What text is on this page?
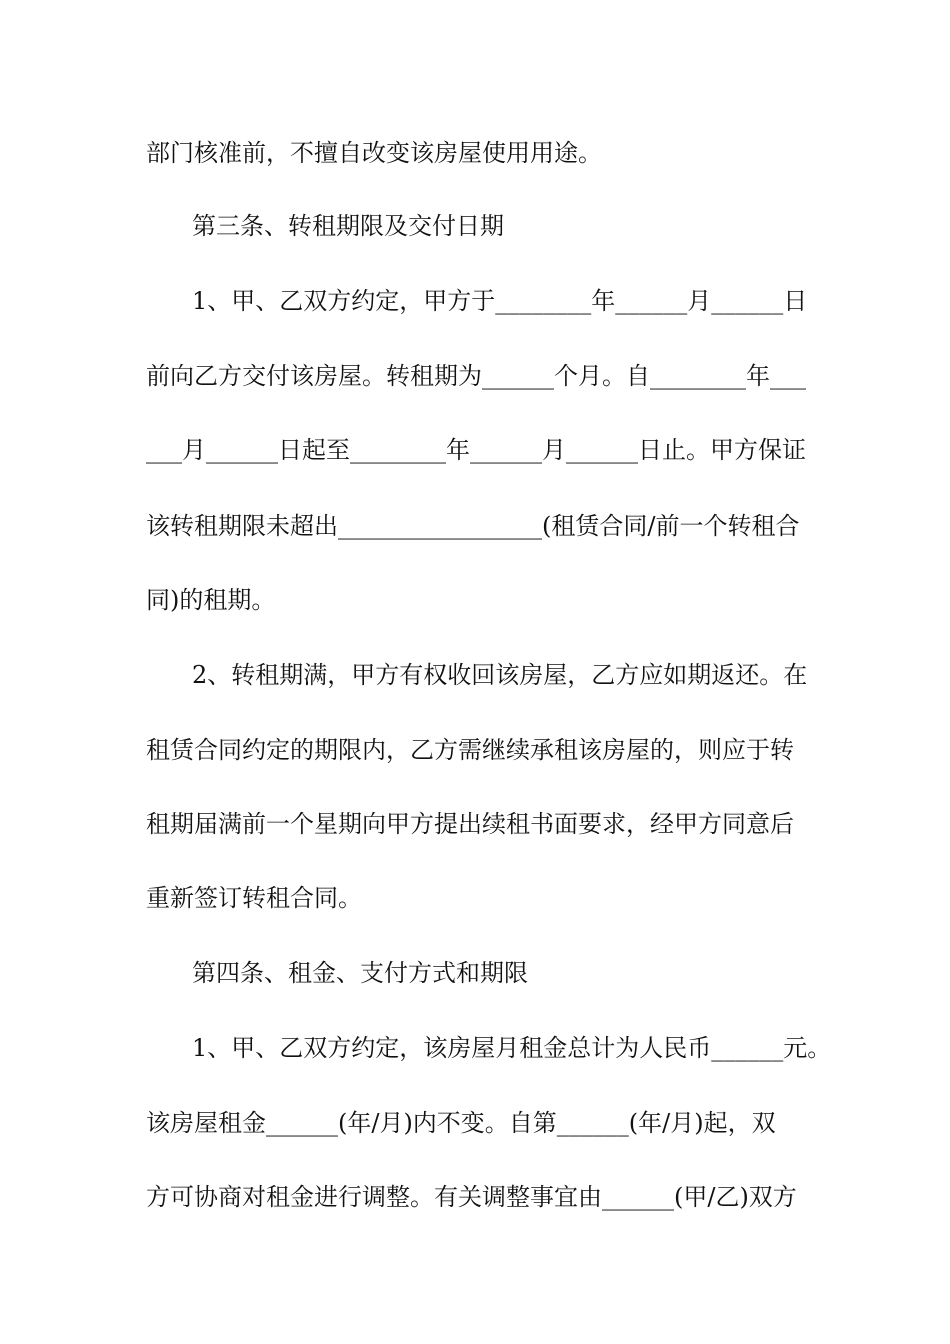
部门核准前，不擅自改变该房屋使用用途。
第三条、转租期限及交付日期
1、甲、乙双方约定，甲方于________年______月______日
前向乙方交付该房屋。转租期为______个月。自________年___
___月______日起至________年______月______日止。甲方保证
该转租期限未超出_________________(租赁合同/前一个转租合
同)的租期。
2、转租期满，甲方有权收回该房屋，乙方应如期返还。在
租赁合同约定的期限内，乙方需继续承租该房屋的，则应于转
租期届满前一个星期向甲方提出续租书面要求，经甲方同意后
重新签订转租合同。
第四条、租金、支付方式和期限
1、甲、乙双方约定，该房屋月租金总计为人民币______元。
该房屋租金______(年/月)内不变。自第______(年/月)起，双
方可协商对租金进行调整。有关调整事宜由______(甲/乙)双方
